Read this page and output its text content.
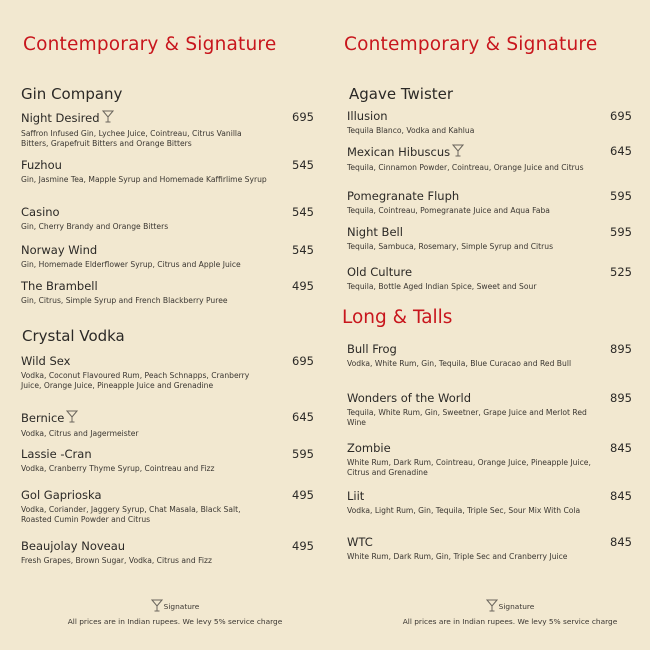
Contemporary & Signature
Gin Company
Crystal Vodka
Night Desired	695
Saffron Infused Gin, Lychee Juice, Cointreau, Citrus Vanilla Bitters, Grapefruit Bitters and Orange Bitters
Fuzhou	545
Gin, Jasmine Tea, Mapple Syrup and Homemade Kaffirlime Syrup
Casino	545
Gin, Cherry Brandy and Orange Bitters
Norway Wind	545
Gin, Homemade Elderflower Syrup, Citrus and Apple Juice
The Brambell	495
Gin, Citrus, Simple Syrup and French Blackberry Puree
Wild Sex	695
Vodka, Coconut Flavoured Rum, Peach Schnapps, Cranberry Juice, Orange Juice, Pineapple Juice and Grenadine
Bernice	645
Vodka, Citrus and Jagermeister
Lassie -Cran	595
Vodka, Cranberry Thyme Syrup, Cointreau and Fizz
Gol Gaprioska	495
Vodka, Coriander, Jaggery Syrup, Chat Masala, Black Salt, Roasted Cumin Powder and Citrus
Beaujolay Noveau	495
Fresh Grapes, Brown Sugar, Vodka, Citrus and Fizz
Signature
All prices are in Indian rupees. We levy 5% service charge
Contemporary & Signature
Agave Twister
Long & Talls
Illusion	695
Tequila Blanco, Vodka and Kahlua
Mexican Hibuscus	645
Tequila, Cinnamon Powder, Cointreau, Orange Juice and Citrus
Pomegranate Fluph	595
Tequila, Cointreau, Pomegranate Juice and Aqua Faba
Night Bell	595
Tequila, Sambuca, Rosemary, Simple Syrup and Citrus
Old Culture	525
Tequila, Bottle Aged Indian Spice, Sweet and Sour
Bull Frog	895
Vodka, White Rum, Gin, Tequila, Blue Curacao and Red Bull
Wonders of the World	895
Tequila, White Rum, Gin, Sweetner, Grape Juice and Merlot Red Wine
Zombie	845
White Rum, Dark Rum, Cointreau, Orange Juice, Pineapple Juice, Citrus and Grenadine
Liit	845
Vodka, Light Rum, Gin, Tequila, Triple Sec, Sour Mix With Cola
WTC	845
White Rum, Dark Rum, Gin, Triple Sec and Cranberry Juice
Signature
All prices are in Indian rupees. We levy 5% service charge
